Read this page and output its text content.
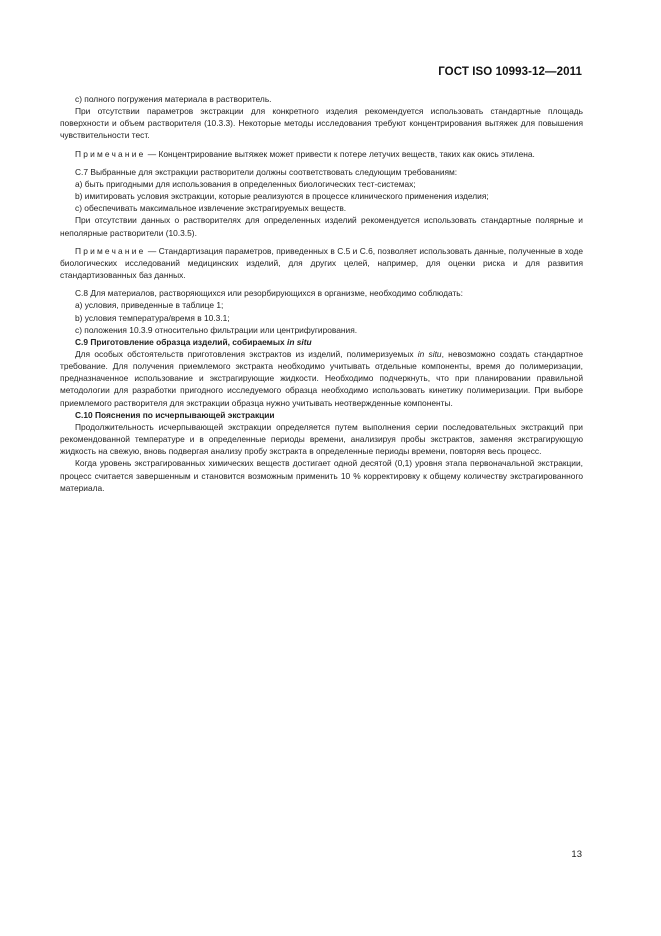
ГОСТ ISO 10993-12—2011

с) полного погружения материала в растворитель.

При отсутствии параметров экстракции для конкретного изделия рекомендуется использовать стандартные площадь поверхности и объем растворителя (10.3.3). Некоторые методы исследования требуют концентрирования вытяжек для повышения чувствительности тест.

Примечание — Концентрирование вытяжек может привести к потере летучих веществ, таких как окись этилена.

С.7 Выбранные для экстракции растворители должны соответствовать следующим требованиям:

a) быть пригодными для использования в определенных биологических тест-системах;

b) имитировать условия экстракции, которые реализуются в процессе клинического применения изделия;

c) обеспечивать максимальное извлечение экстрагируемых веществ.

При отсутствии данных о растворителях для определенных изделий рекомендуется использовать стандартные полярные и неполярные растворители (10.3.5).

Примечание — Стандартизация параметров, приведенных в С.5 и С.6, позволяет использовать данные, полученные в ходе биологических исследований медицинских изделий, для других целей, например, для оценки риска и для развития стандартизованных баз данных.

С.8 Для материалов, растворяющихся или резорбирующихся в организме, необходимо соблюдать:

a) условия, приведенные в таблице 1;

b) условия температура/время в 10.3.1;

c) положения 10.3.9 относительно фильтрации или центрифугирования.

С.9 Приготовление образца изделий, собираемых in situ

Для особых обстоятельств приготовления экстрактов из изделий, полимеризуемых in situ, невозможно создать стандартное требование. Для получения приемлемого экстракта необходимо учитывать отдельные компоненты, время до полимеризации, предназначенное использование и экстрагирующие жидкости. Необходимо подчеркнуть, что при планировании правильной методологии для разработки пригодного исследуемого образца необходимо использовать кинетику полимеризации. При выборе приемлемого растворителя для экстракции образца нужно учитывать неотвержденные компоненты.

С.10 Пояснения по исчерпывающей экстракции

Продолжительность исчерпывающей экстракции определяется путем выполнения серии последовательных экстракций при рекомендованной температуре и в определенные периоды времени, анализируя пробы экстрактов, заменяя экстрагирующую жидкость на свежую, вновь подвергая анализу пробу экстракта в определенные периоды времени, повторяя весь процесс.

Когда уровень экстрагированных химических веществ достигает одной десятой (0,1) уровня этапа первоначальной экстракции, процесс считается завершенным и становится возможным применить 10 % корректировку к общему количеству экстрагированного материала.

13
